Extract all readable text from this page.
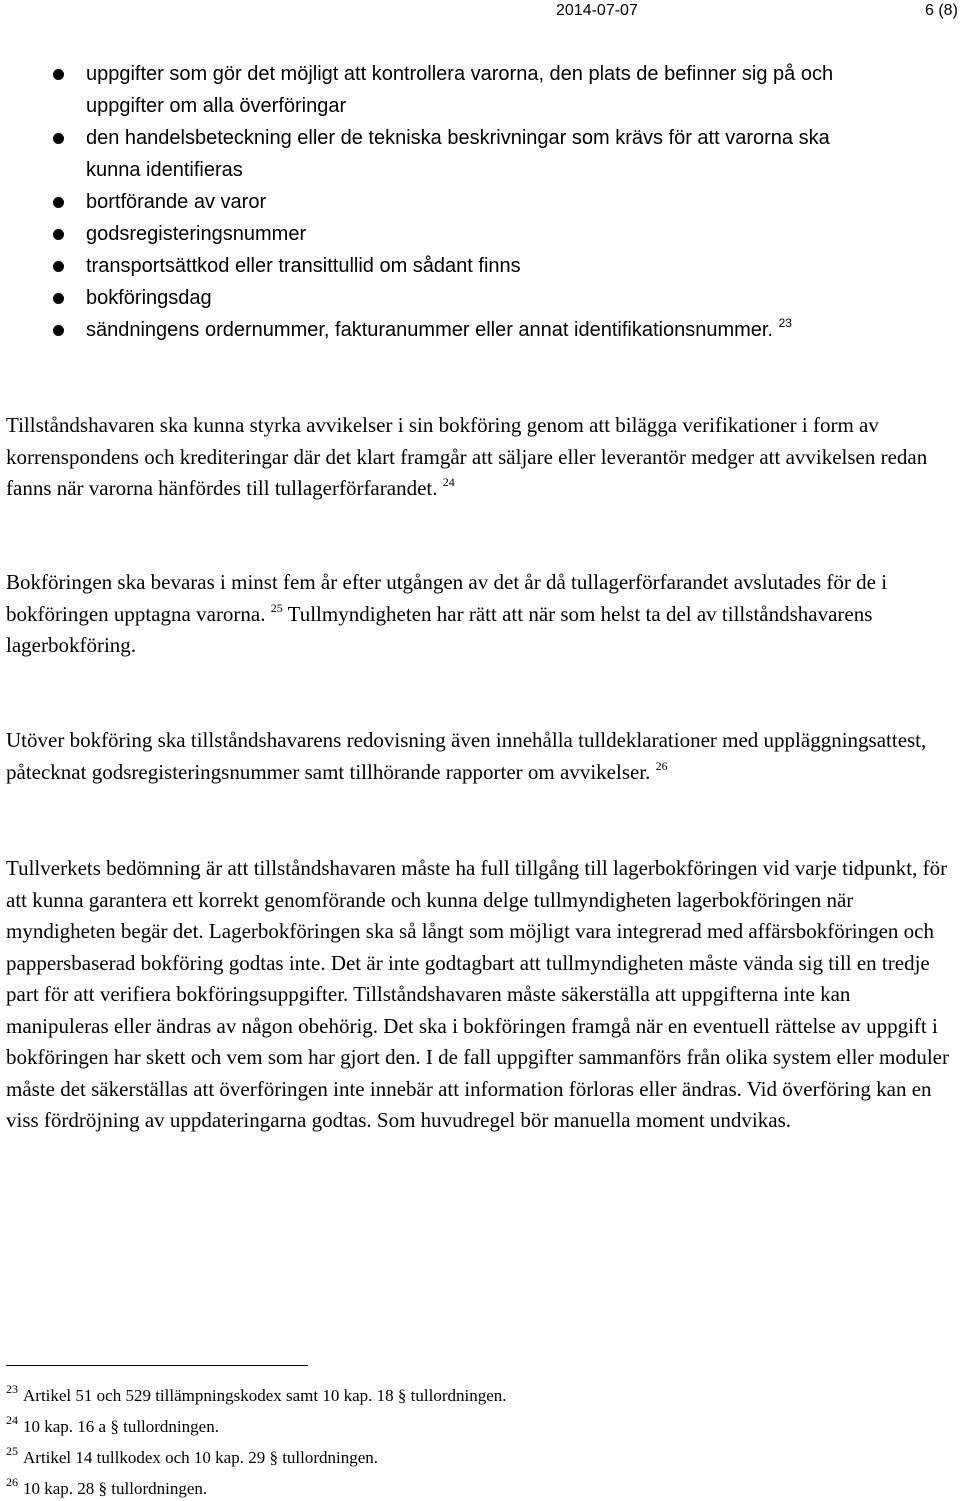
2014-07-07	6 (8)
uppgifter som gör det möjligt att kontrollera varorna, den plats de befinner sig på och uppgifter om alla överföringar
den handelsbeteckning eller de tekniska beskrivningar som krävs för att varorna ska kunna identifieras
bortförande av varor
godsregisteringsnummer
transportsättkod eller transittullid om sådant finns
bokföringsdag
sändningens ordernummer, fakturanummer eller annat identifikationsnummer. $^{23}$

Tillståndshavaren ska kunna styrka avvikelser i sin bokföring genom att bilägga verifikationer i form av korrenspondens och krediteringar där det klart framgår att säljare eller leverantör medger att avvikelsen redan fanns när varorna hänfördes till tullagerförfarandet. $^{24}$

Bokföringen ska bevaras i minst fem år efter utgången av det år då tullagerförfarandet avslutades för de i bokföringen upptagna varorna. $^{25}$ Tullmyndigheten har rätt att när som helst ta del av tillståndshavarens lagerbokföring.

Utöver bokföring ska tillståndshavarens redovisning även innehålla tulldeklarationer med uppläggningsattest, påtecknat godsregisteringsnummer samt tillhörande rapporter om avvikelser. $^{26}$

Tullverkets bedömning är att tillståndshavaren måste ha full tillgång till lagerbokföringen vid varje tidpunkt, för att kunna garantera ett korrekt genomförande och kunna delge tullmyndigheten lagerbokföringen när myndigheten begär det. Lagerbokföringen ska så långt som möjligt vara integrerad med affärsbokföringen och pappersbaserad bokföring godtas inte. Det är inte godtagbart att tullmyndigheten måste vända sig till en tredje part för att verifiera bokföringsuppgifter. Tillståndshavaren måste säkerställa att uppgifterna inte kan manipuleras eller ändras av någon obehörig. Det ska i bokföringen framgå när en eventuell rättelse av uppgift i bokföringen har skett och vem som har gjort den. I de fall uppgifter sammanförs från olika system eller moduler måste det säkerställas att överföringen inte innebär att information förloras eller ändras. Vid överföring kan en viss fördröjning av uppdateringarna godtas. Som huvudregel bör manuella moment undvikas.

$^{23}$ Artikel 51 och 529 tillämpningskodex samt 10 kap. 18 § tullordningen.
$^{24}$ 10 kap. 16 a § tullordningen.
$^{25}$ Artikel 14 tullkodex och 10 kap. 29 § tullordningen.
$^{26}$ 10 kap. 28 § tullordningen.
